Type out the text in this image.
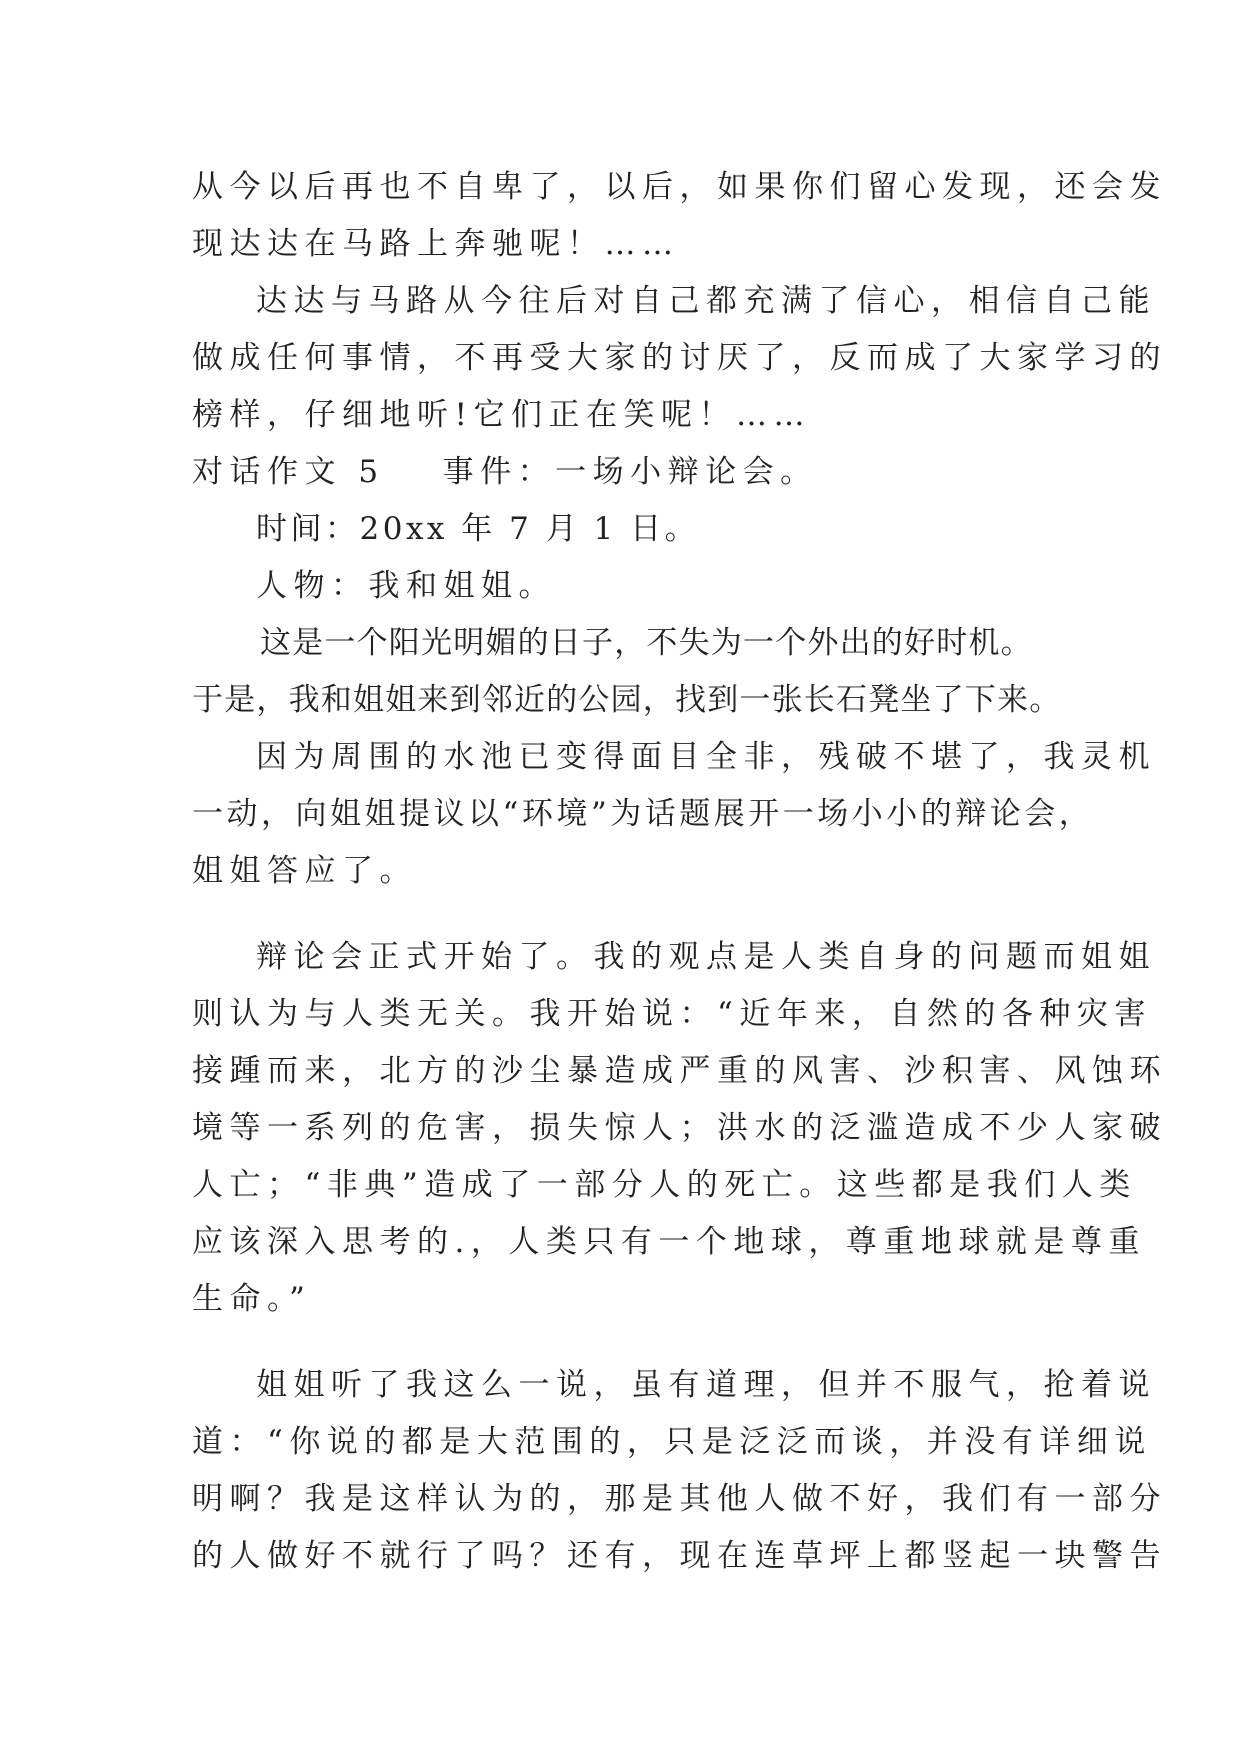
从今以后再也不自卑了，以后，如果你们留心发现，还会发
现达达在马路上奔驰呢！……
达达与马路从今往后对自己都充满了信心，相信自己能
做成任何事情，不再受大家的讨厌了，反而成了大家学习的
榜样，仔细地听!它们正在笑呢！……
对话作文 5 事件：一场小辩论会。
时间：20xx 年 7 月 1 日。
人物：我和姐姐。
这是一个阳光明媚的日子，不失为一个外出的好时机。
于是，我和姐姐来到邻近的公园，找到一张长石凳坐了下来。
因为周围的水池已变得面目全非，残破不堪了，我灵机
一动，向姐姐提议以“环境”为话题展开一场小小的辩论会，
姐姐答应了。
辩论会正式开始了。我的观点是人类自身的问题而姐姐
则认为与人类无关。我开始说：“近年来，自然的各种灾害
接踵而来，北方的沙尘暴造成严重的风害、沙积害、风蚀环
境等一系列的危害，损失惊人；洪水的泛滥造成不少人家破
人亡；“非典”造成了一部分人的死亡。这些都是我们人类
应该深入思考的.，人类只有一个地球，尊重地球就是尊重
生命。”
姐姐听了我这么一说，虽有道理，但并不服气，抢着说
道：“你说的都是大范围的，只是泛泛而谈，并没有详细说
明啊？我是这样认为的，那是其他人做不好，我们有一部分
的人做好不就行了吗？还有，现在连草坪上都竖起一块警告
